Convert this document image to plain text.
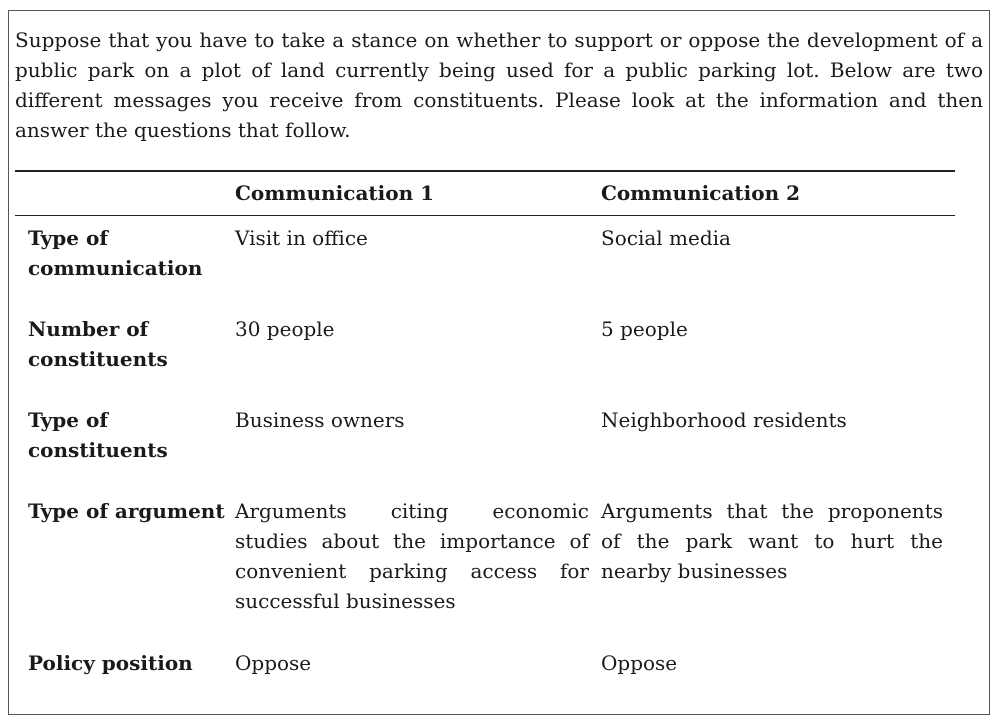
Suppose that you have to take a stance on whether to support or oppose the development of a public park on a plot of land currently being used for a public parking lot. Below are two different messages you receive from constituents. Please look at the information and then answer the questions that follow.

	Communication 1	Communication 2
Type of communication	Visit in office	Social media
Number of constituents	30 people	5 people
Type of constituents	Business owners	Neighborhood residents
Type of argument	Arguments citing economic studies about the importance of convenient parking access for successful businesses	Arguments that the proponents of the park want to hurt the nearby businesses
Policy position	Oppose	Oppose
